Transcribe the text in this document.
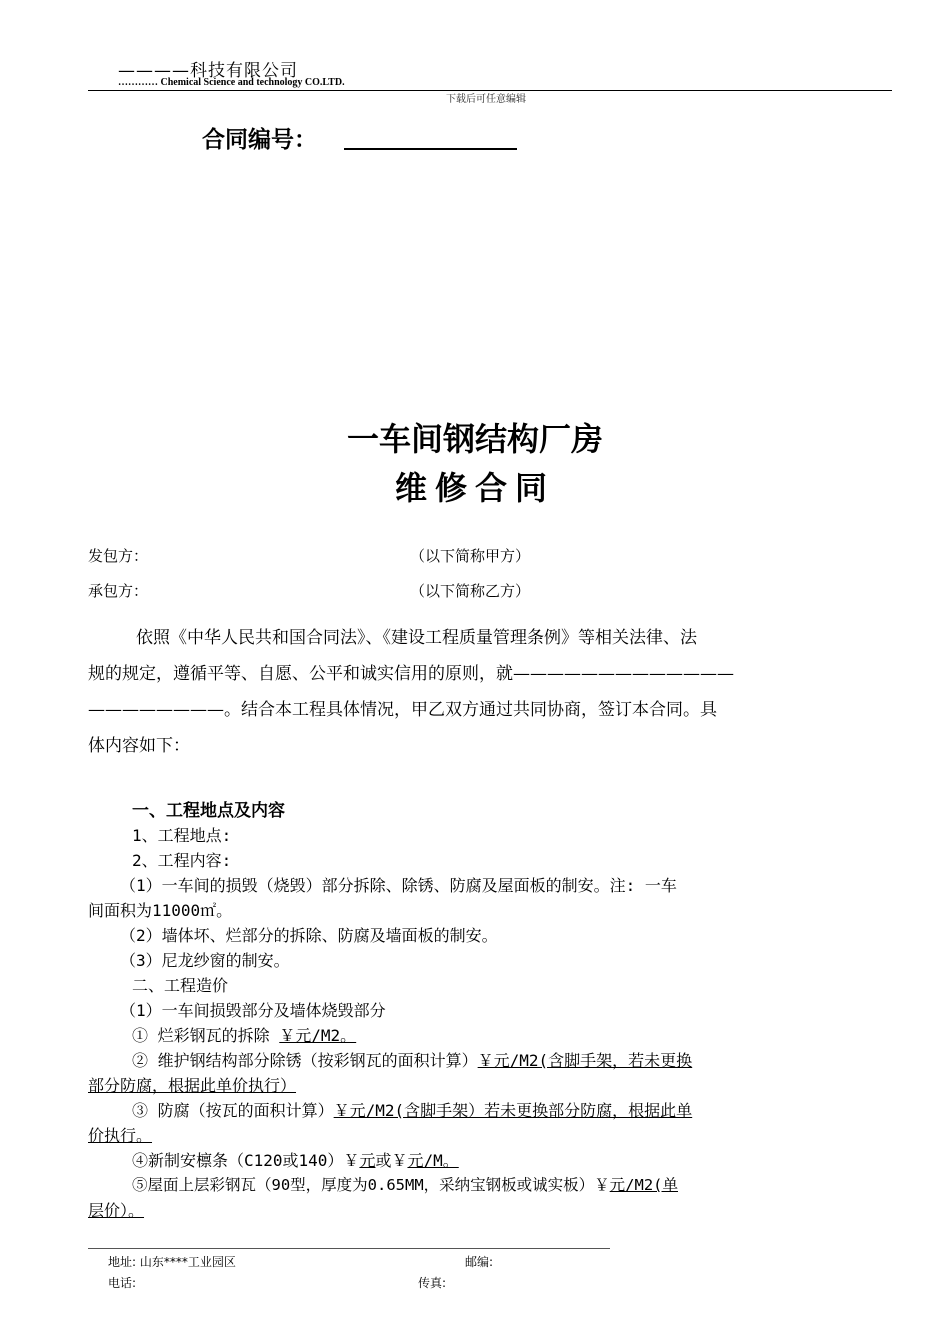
————科技有限公司
………… Chemical Science and technology CO.LTD.
下载后可任意编辑
合同编号：
一车间钢结构厂房
维修合同
发包方：	（以下简称甲方）
承包方：	（以下简称乙方）
依照《中华人民共和国合同法》、《建设工程质量管理条例》等相关法律、法
规的规定，遵循平等、自愿、公平和诚实信用的原则，就—————————————
————————。结合本工程具体情况，甲乙双方通过共同协商，签订本合同。具
体内容如下：
一、工程地点及内容
1、工程地点:
2、工程内容:
（1）一车间的损毁（烧毁）部分拆除、除锈、防腐及屋面板的制安。注: 一车
间面积为11000㎡。
（2）墙体坏、烂部分的拆除、防腐及墙面板的制安。
（3）尼龙纱窗的制安。
二、工程造价
（1）一车间损毁部分及墙体烧毁部分
① 烂彩钢瓦的拆除 ￥元/M2。
② 维护钢结构部分除锈（按彩钢瓦的面积计算）￥元/M2(含脚手架，若未更换
部分防腐，根据此单价执行）
③ 防腐（按瓦的面积计算）￥元/M2(含脚手架）若未更换部分防腐，根据此单
价执行。
④新制安檩条（C120或140）￥元或￥元/M。
⑤屋面上层彩钢瓦（90型，厚度为0.65MM，采纳宝钢板或诚实板）￥元/M2(单
层价）。
地址: 山东****工业园区	邮编:
电话:	传真:
